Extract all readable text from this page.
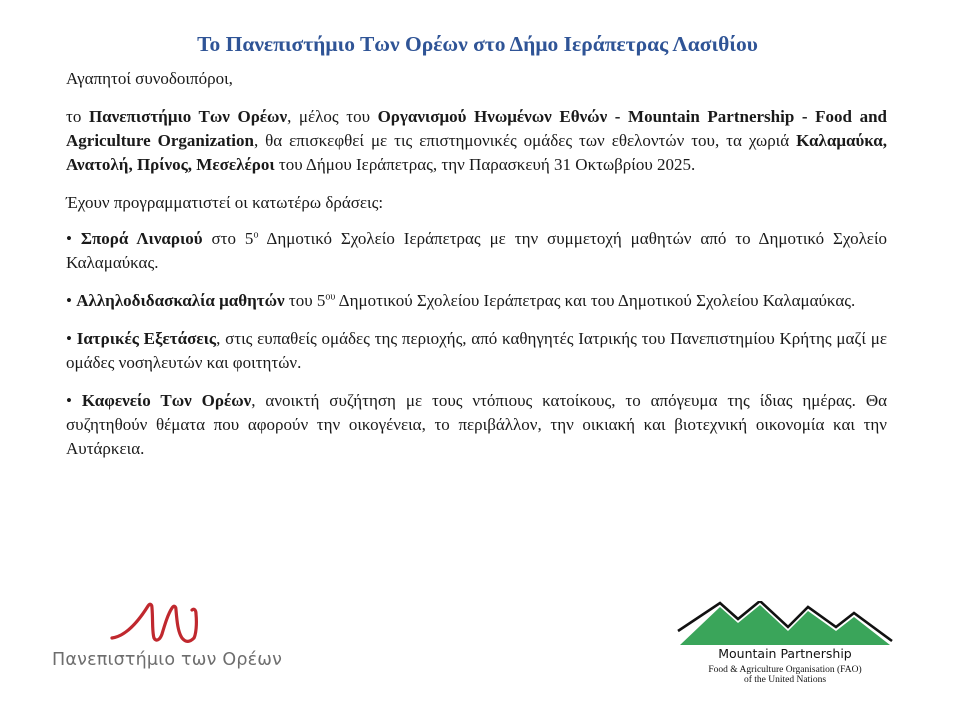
Το Πανεπιστήμιο Των Ορέων στο Δήμο Ιεράπετρας Λασιθίου

Αγαπητοί συνοδοιπόροι,

το Πανεπιστήμιο Των Ορέων, μέλος του Οργανισμού Ηνωμένων Εθνών - Mountain Partnership - Food and Agriculture Organization, θα επισκεφθεί με τις επιστημονικές ομάδες των εθελοντών του, τα χωριά Καλαμαύκα, Ανατολή, Πρίνος, Μεσελέροι του Δήμου Ιεράπετρας, την Παρασκευή 31 Οκτωβρίου 2025.

Έχουν προγραμματιστεί οι κατωτέρω δράσεις:

• Σπορά Λιναριού στο $5^o$ Δημοτικό Σχολείο Ιεράπετρας με την συμμετοχή μαθητών από το Δημοτικό Σχολείο Καλαμαύκας.

• Αλληλοδιδασκαλία μαθητών του $5^{o\upsilon}$ Δημοτικού Σχολείου Ιεράπετρας και του Δημοτικού Σχολείου Καλαμαύκας.

• Ιατρικές Εξετάσεις, στις ευπαθείς ομάδες της περιοχής, από καθηγητές Ιατρικής του Πανεπιστημίου Κρήτης μαζί με ομάδες νοσηλευτών και φοιτητών.

• Καφενείο Των Ορέων, ανοικτή συζήτηση με τους ντόπιους κατοίκους, το απόγευμα της ίδιας ημέρας. Θα συζητηθούν θέματα που αφορούν την οικογένεια, το περιβάλλον, την οικιακή και βιοτεχνική οικονομία και την Αυτάρκεια.

Πανεπιστήμιο των Ορέων	Mountain Partnership
Food & Agriculture Organisation (FAO)
of the United Nations
